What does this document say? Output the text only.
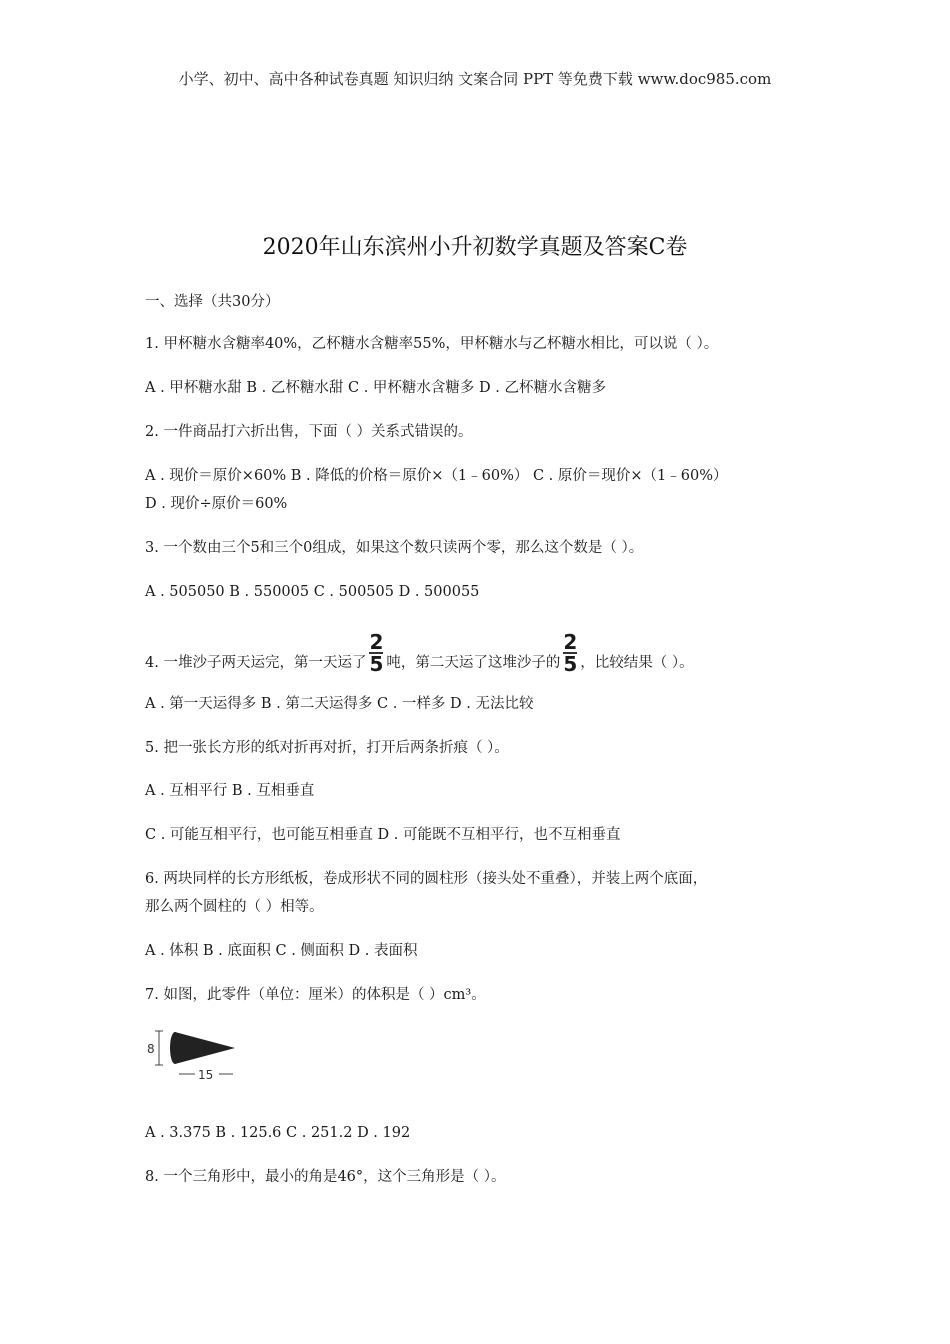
小学、初中、高中各种试卷真题 知识归纳 文案合同 PPT 等免费下载 www.doc985.com
2020年山东滨州小升初数学真题及答案C卷
一、选择（共30分）
1. 甲杯糖水含糖率40%，乙杯糖水含糖率55%，甲杯糖水与乙杯糖水相比，可以说（ ）。
A . 甲杯糖水甜 B . 乙杯糖水甜 C . 甲杯糖水含糖多 D . 乙杯糖水含糖多
2. 一件商品打六折出售，下面（ ）关系式错误的。
A . 现价＝原价×60% B . 降低的价格＝原价×（1﹣60%） C . 原价＝现价×（1﹣60%）
D . 现价÷原价＝60%
3. 一个数由三个5和三个0组成，如果这个数只读两个零，那么这个数是（ ）。
A . 505050 B . 550005 C . 500505 D . 500055
4. 一堆沙子两天运完，第一天运了 $\frac{2}{5}$ 吨，第二天运了这堆沙子的 $\frac{2}{5}$ ，比较结果（ ）。
A . 第一天运得多 B . 第二天运得多 C . 一样多 D . 无法比较
5. 把一张长方形的纸对折再对折，打开后两条折痕（ ）。
A . 互相平行 B . 互相垂直
C . 可能互相平行，也可能互相垂直 D . 可能既不互相平行，也不互相垂直
6. 两块同样的长方形纸板，卷成形状不同的圆柱形（接头处不重叠），并装上两个底面，
那么两个圆柱的（ ）相等。
A . 体积 B . 底面积 C . 侧面积 D . 表面积
7. 如图，此零件（单位：厘米）的体积是（ ）cm³。
8
15
A . 3.375 B . 125.6 C . 251.2 D . 192
8. 一个三角形中，最小的角是46°，这个三角形是（ ）。
